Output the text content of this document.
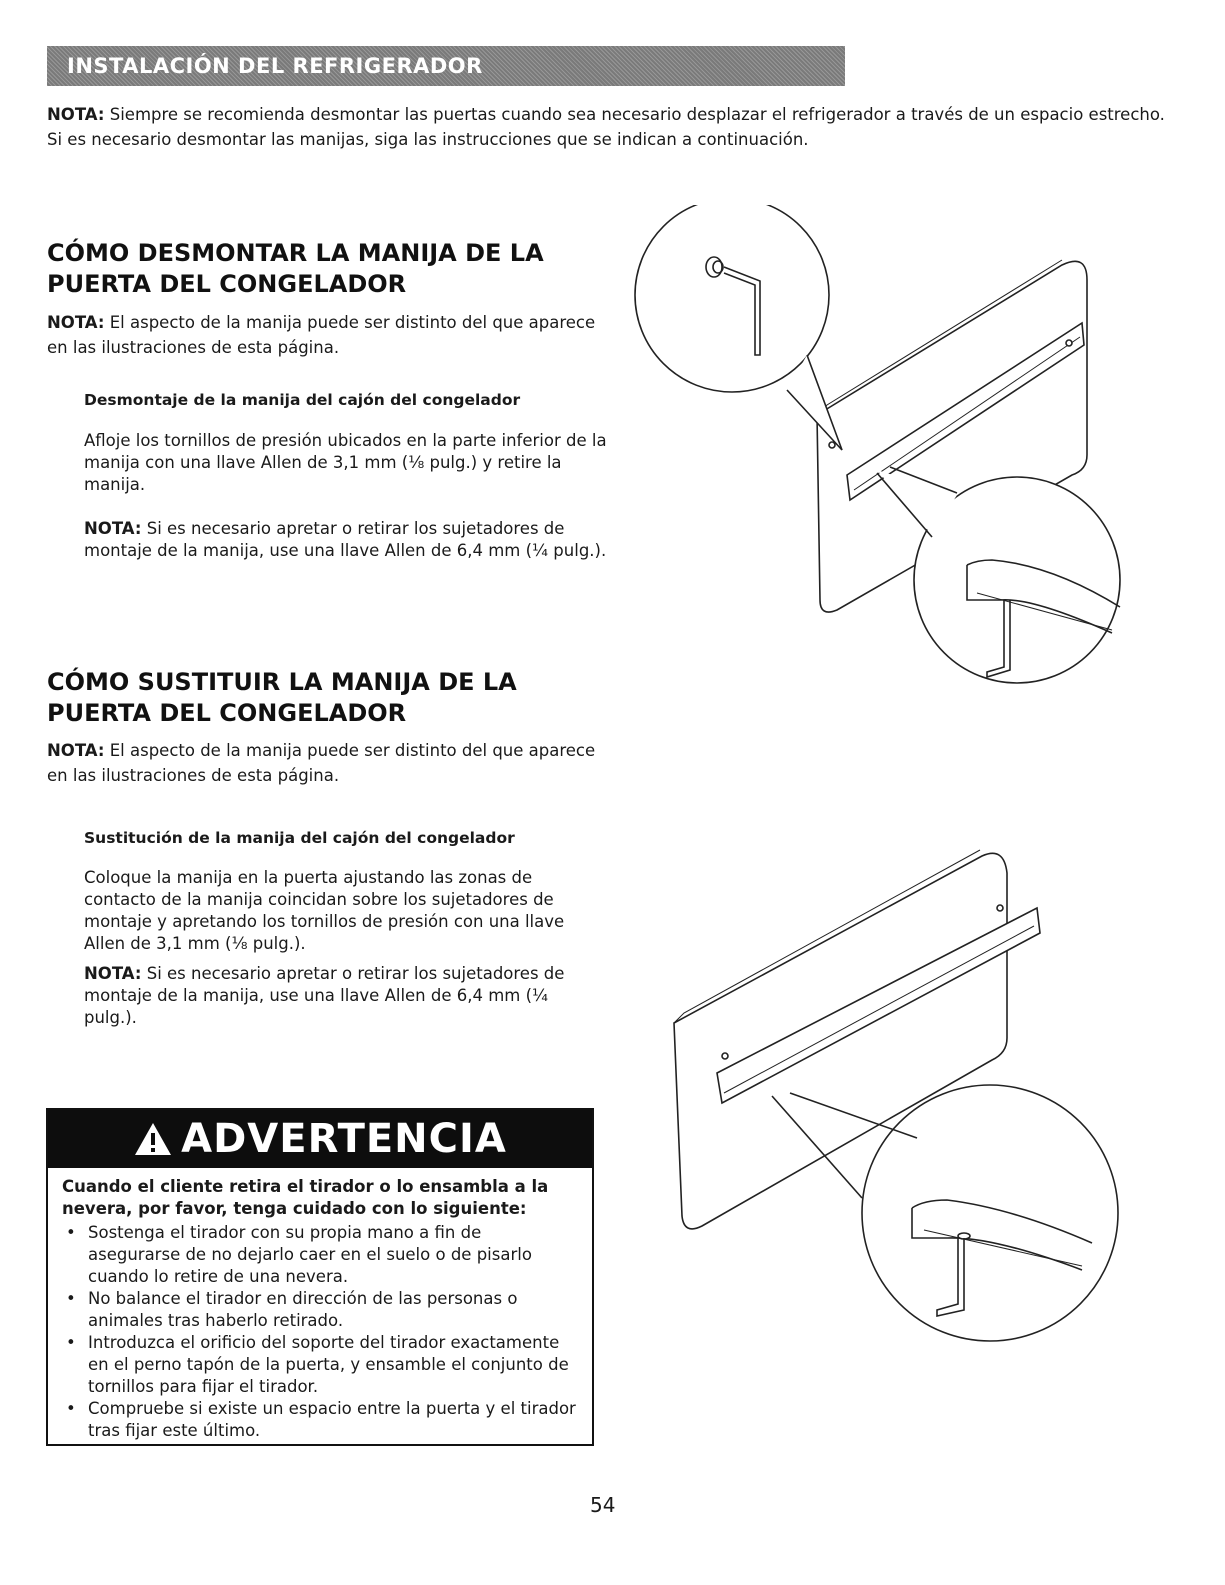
INSTALACIÓN DEL REFRIGERADOR
NOTA: Siempre se recomienda desmontar las puertas cuando sea necesario desplazar el refrigerador a través de un espacio estrecho. Si es necesario desmontar las manijas, siga las instrucciones que se indican a continuación.
CÓMO DESMONTAR LA MANIJA DE LA PUERTA DEL CONGELADOR
NOTA: El aspecto de la manija puede ser distinto del que aparece en las ilustraciones de esta página.
Desmontaje de la manija del cajón del congelador
Afloje los tornillos de presión ubicados en la parte inferior de la manija con una llave Allen de 3,1 mm (⅛ pulg.) y retire la manija.
NOTA: Si es necesario apretar o retirar los sujetadores de montaje de la manija, use una llave Allen de 6,4 mm (¼ pulg.).
CÓMO SUSTITUIR LA MANIJA DE LA PUERTA DEL CONGELADOR
NOTA: El aspecto de la manija puede ser distinto del que aparece en las ilustraciones de esta página.
Sustitución de la manija del cajón del congelador
Coloque la manija en la puerta ajustando las zonas de contacto de la manija coincidan sobre los sujetadores de montaje y apretando los tornillos de presión con una llave Allen de 3,1 mm (⅛ pulg.).
NOTA: Si es necesario apretar o retirar los sujetadores de montaje de la manija, use una llave Allen de 6,4 mm (¼ pulg.).
ADVERTENCIA
Cuando el cliente retira el tirador o lo ensambla a la nevera, por favor, tenga cuidado con lo siguiente:
• Sostenga el tirador con su propia mano a fin de asegurarse de no dejarlo caer en el suelo o de pisarlo cuando lo retire de una nevera.
• No balance el tirador en dirección de las personas o animales tras haberlo retirado.
• Introduzca el orificio del soporte del tirador exactamente en el perno tapón de la puerta, y ensamble el conjunto de tornillos para fijar el tirador.
• Compruebe si existe un espacio entre la puerta y el tirador tras fijar este último.
54
